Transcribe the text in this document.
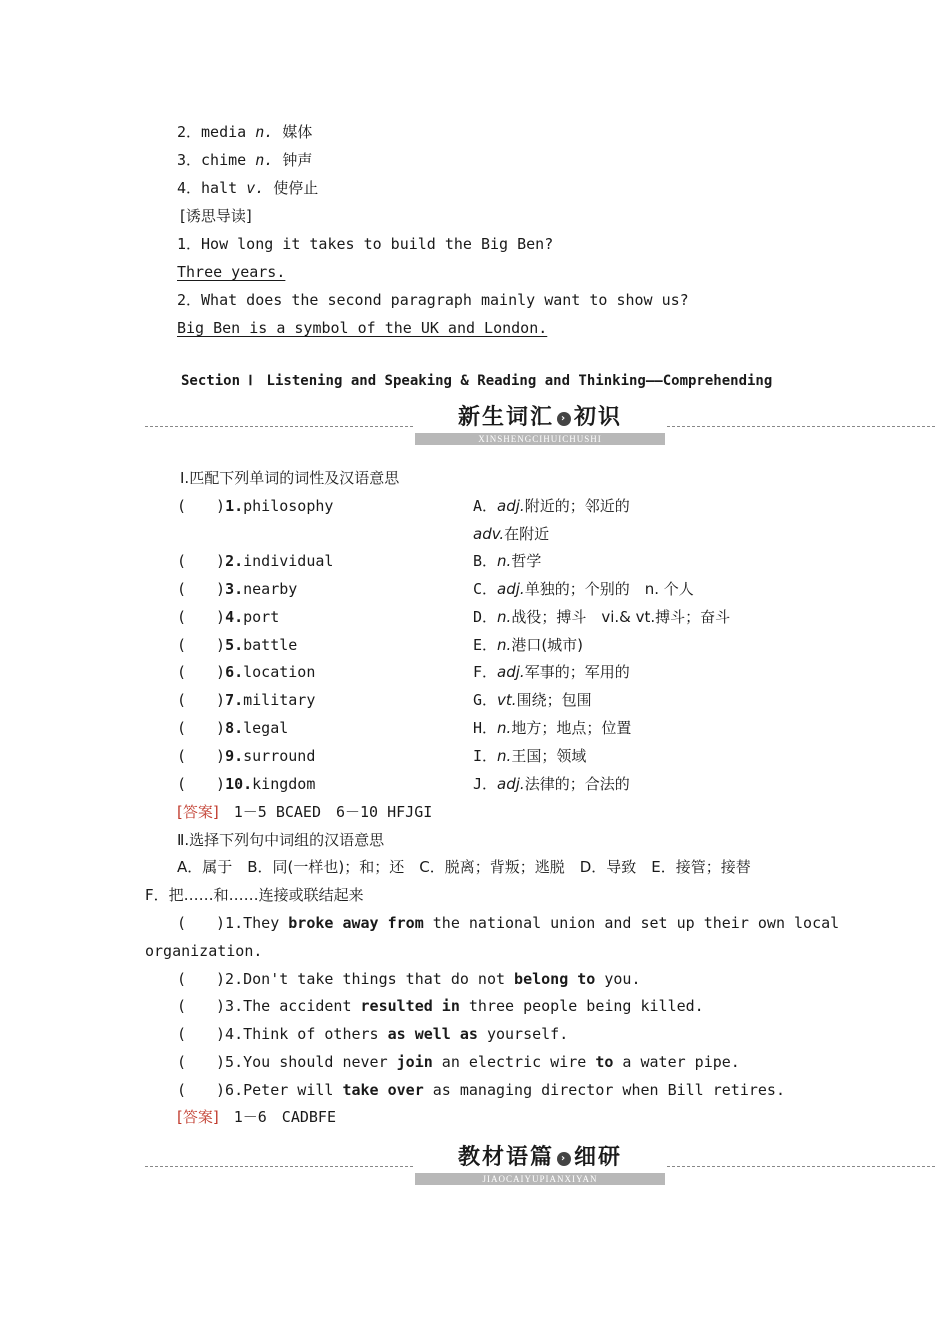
2．media n. 媒体
3．chime n. 钟声
4．halt v. 使停止
[诱思导读]
1．How long it takes to build the Big Ben?
Three years.
2．What does the second paragraph mainly want to show us?
Big Ben is a symbol of the UK and London.
Section Ⅰ　Listening and Speaking & Reading and Thinking——Comprehending
新生词汇 › 初识
XINSHENGCIHUICHUSHI
Ⅰ.匹配下列单词的词性及汉语意思
(　　)1.philosophy
(　　)2.individual
(　　)3.nearby
(　　)4.port
(　　)5.battle
(　　)6.location
(　　)7.military
(　　)8.legal
(　　)9.surround
(　　)10.kingdom
A．adj.附近的；邻近的
adv.在附近
B．n.哲学
C．adj.单独的；个别的　n. 个人
D．n.战役；搏斗　vi.& vt.搏斗；奋斗
E．n.港口(城市)
F．adj.军事的；军用的
G．vt.围绕；包围
H．n.地方；地点；位置
I．n.王国；领域
J．adj.法律的；合法的
[答案]　 1－5 BCAED　6－10 HFJGI
Ⅱ.选择下列句中词组的汉语意思
A．属于　B．同(一样也)；和；还　C．脱离；背叛；逃脱　D．导致　E．接管；接替
F．把……和……连接或联结起来
(　　)1.They broke away from the national union and set up their own local
organization.
(　　)2.Don't take things that do not belong to you.
(　　)3.The accident resulted in three people being killed.
(　　)4.Think of others as well as yourself.
(　　)5.You should never join an electric wire to a water pipe.
(　　)6.Peter will take over as managing director when Bill retires.
[答案]　 1－6　CADBFE
教材语篇 › 细研
JIAOCAIYUPIANXIYAN
